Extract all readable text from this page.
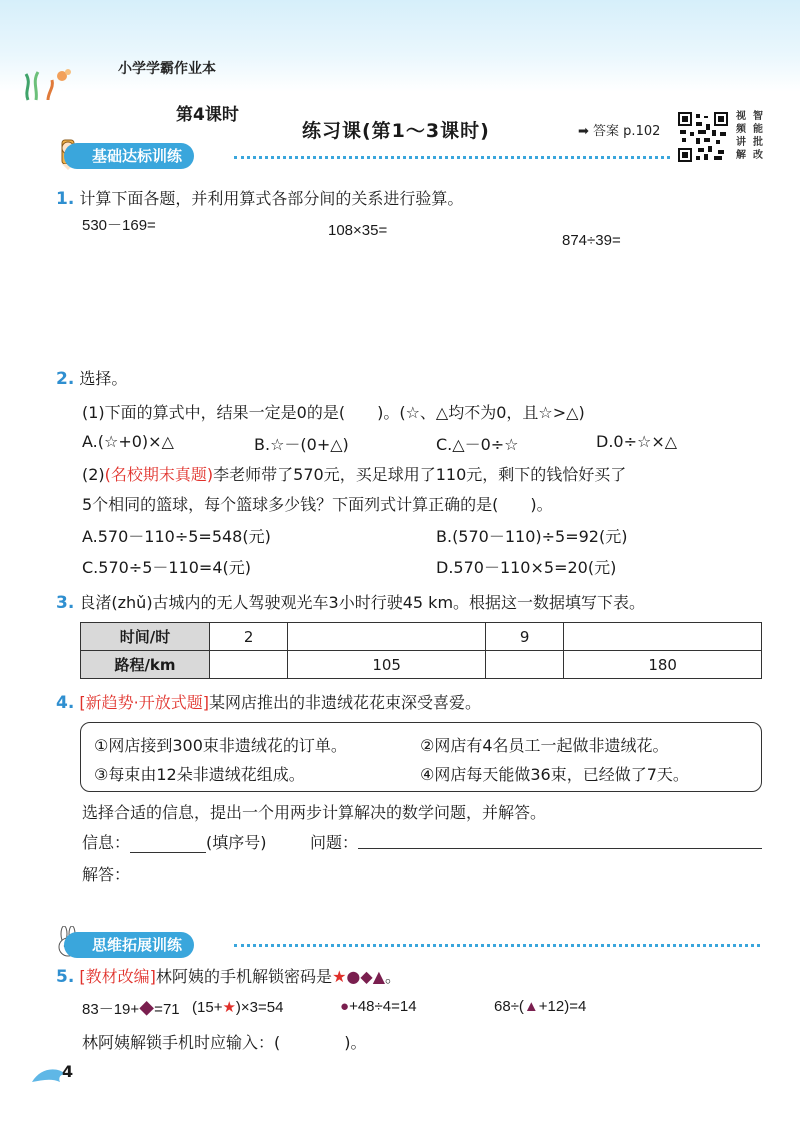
小学学霸作业本
第4课时
练习课(第1～3课时)	➡ 答案 p.102
视 智
频 能
讲 批
解 改
基础达标训练
1. 计算下面各题，并利用算式各部分间的关系进行验算。
530－169=	108×35=
874÷39=
2. 选择。
(1)下面的算式中，结果一定是0的是(　　)。(☆、△均不为0，且☆>△)
A.(☆+0)×△	B.☆－(0+△)	C.△－0÷☆	D.0÷☆×△
(2)(名校期末真题)李老师带了570元，买足球用了110元，剩下的钱恰好买了
5个相同的篮球，每个篮球多少钱？下面列式计算正确的是(　　)。
A.570－110÷5=548(元)	B.(570－110)÷5=92(元)
C.570÷5－110=4(元)	D.570－110×5=20(元)
3. 良渚(zhǔ)古城内的无人驾驶观光车3小时行驶45 km。根据这一数据填写下表。
时间/时	2		9	
路程/km		105		180
4. [新趋势·开放式题]某网店推出的非遗绒花花束深受喜爱。
①网店接到300束非遗绒花的订单。	②网店有4名员工一起做非遗绒花。
③每束由12朵非遗绒花组成。	④网店每天能做36束，已经做了7天。
选择合适的信息，提出一个用两步计算解决的数学问题，并解答。
信息：	(填序号)	问题：
解答：
思维拓展训练
5. [教材改编]林阿姨的手机解锁密码是★●◆▲。
83－19+◆=71 (15+★)×3=54	●+48÷4=14	68÷(▲+12)=4
林阿姨解锁手机时应输入：(　　　　)。
4
